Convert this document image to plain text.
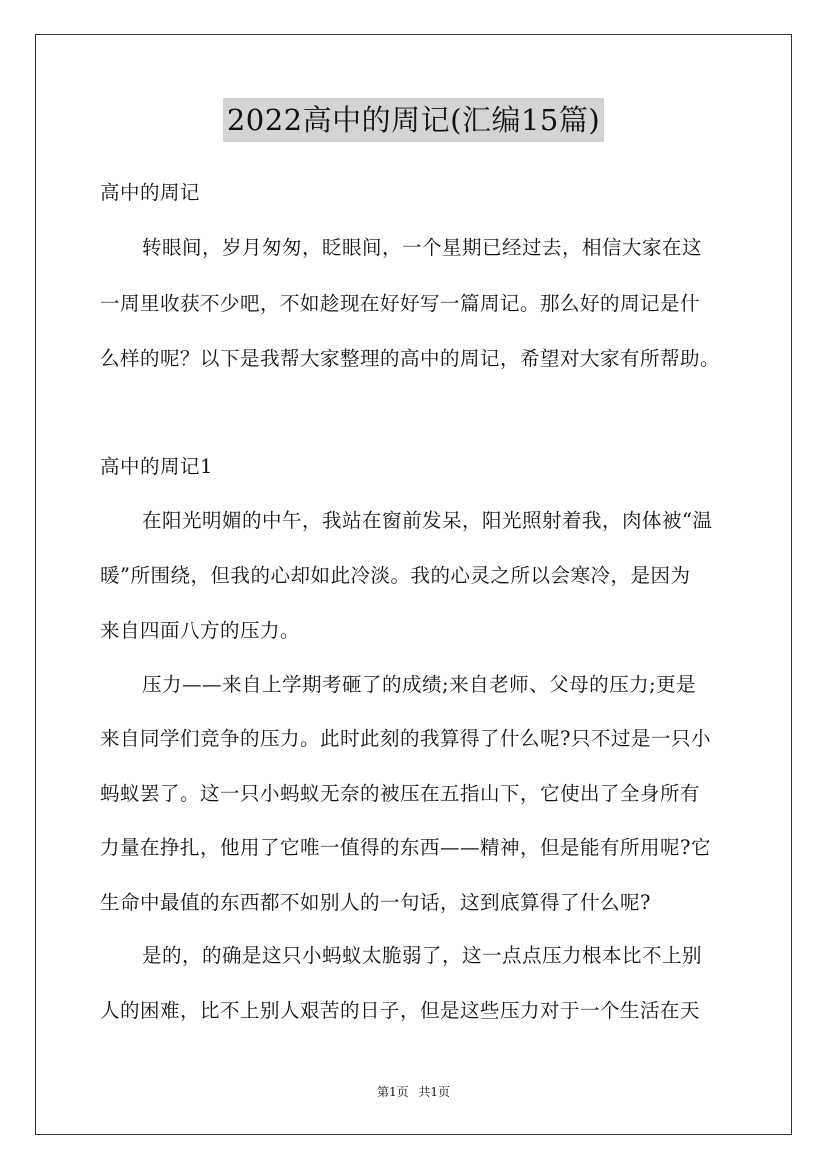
2022高中的周记(汇编15篇)
高中的周记
转眼间，岁月匆匆，眨眼间，一个星期已经过去，相信大家在这
一周里收获不少吧，不如趁现在好好写一篇周记。那么好的周记是什
么样的呢？以下是我帮大家整理的高中的周记，希望对大家有所帮助。
高中的周记1
在阳光明媚的中午，我站在窗前发呆，阳光照射着我，肉体被“温
暖”所围绕，但我的心却如此冷淡。我的心灵之所以会寒冷，是因为
来自四面八方的压力。
压力——来自上学期考砸了的成绩;来自老师、父母的压力;更是
来自同学们竞争的压力。此时此刻的我算得了什么呢?只不过是一只小
蚂蚁罢了。这一只小蚂蚁无奈的被压在五指山下，它使出了全身所有
力量在挣扎，他用了它唯一值得的东西——精神，但是能有所用呢?它
生命中最值的东西都不如别人的一句话，这到底算得了什么呢?
是的，的确是这只小蚂蚁太脆弱了，这一点点压力根本比不上别
人的困难，比不上别人艰苦的日子，但是这些压力对于一个生活在天
第1页 共1页
